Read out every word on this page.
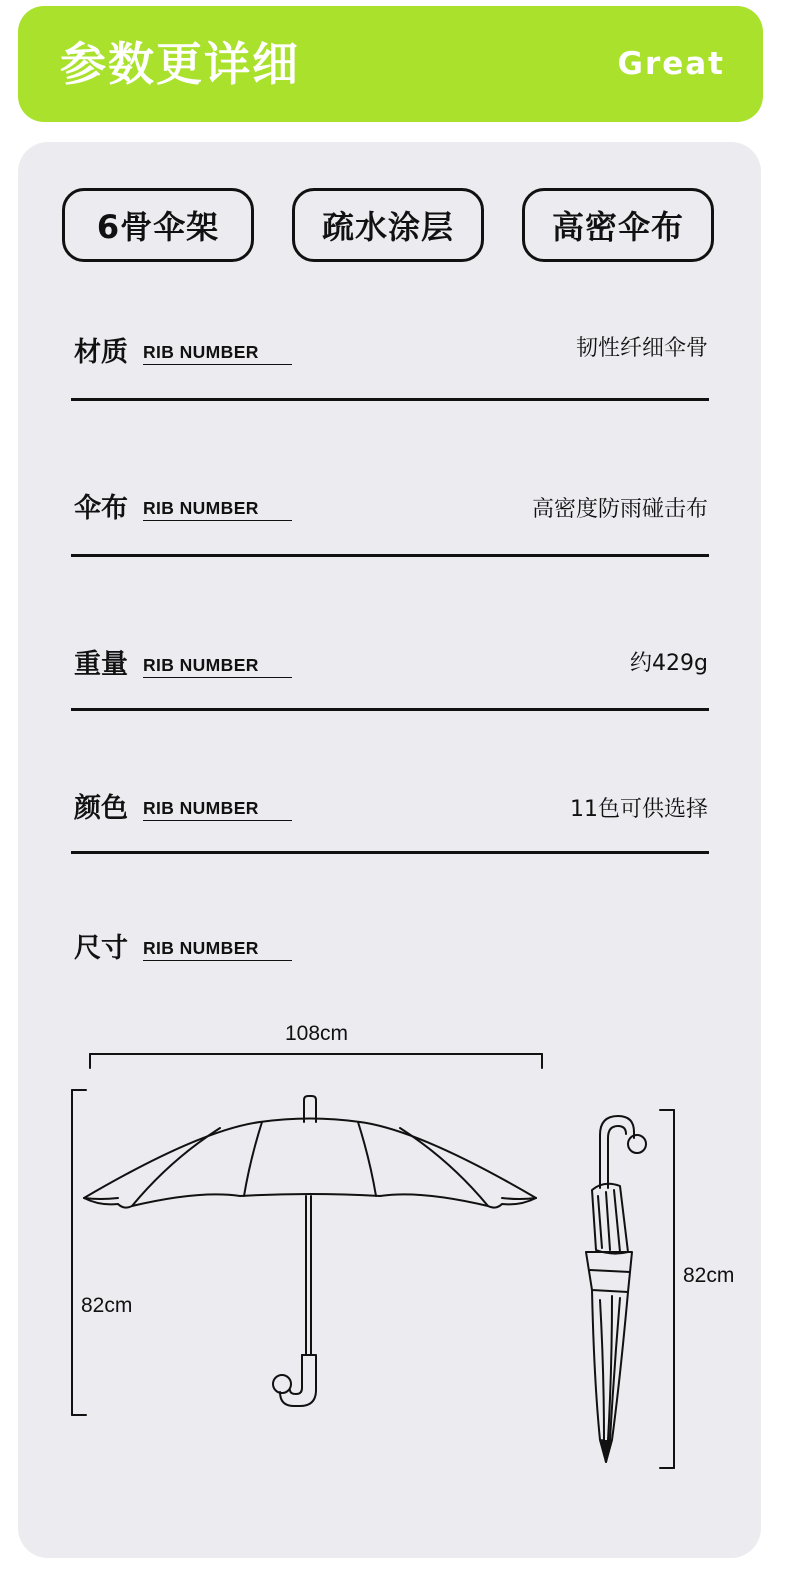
参数更详细	Great
6骨伞架	疏水涂层	高密伞布
材质 RIB NUMBER	韧性纤细伞骨
伞布 RIB NUMBER	高密度防雨碰击布
重量 RIB NUMBER	约429g
颜色 RIB NUMBER	11色可供选择
尺寸 RIB NUMBER
108cm
82cm
82cm
